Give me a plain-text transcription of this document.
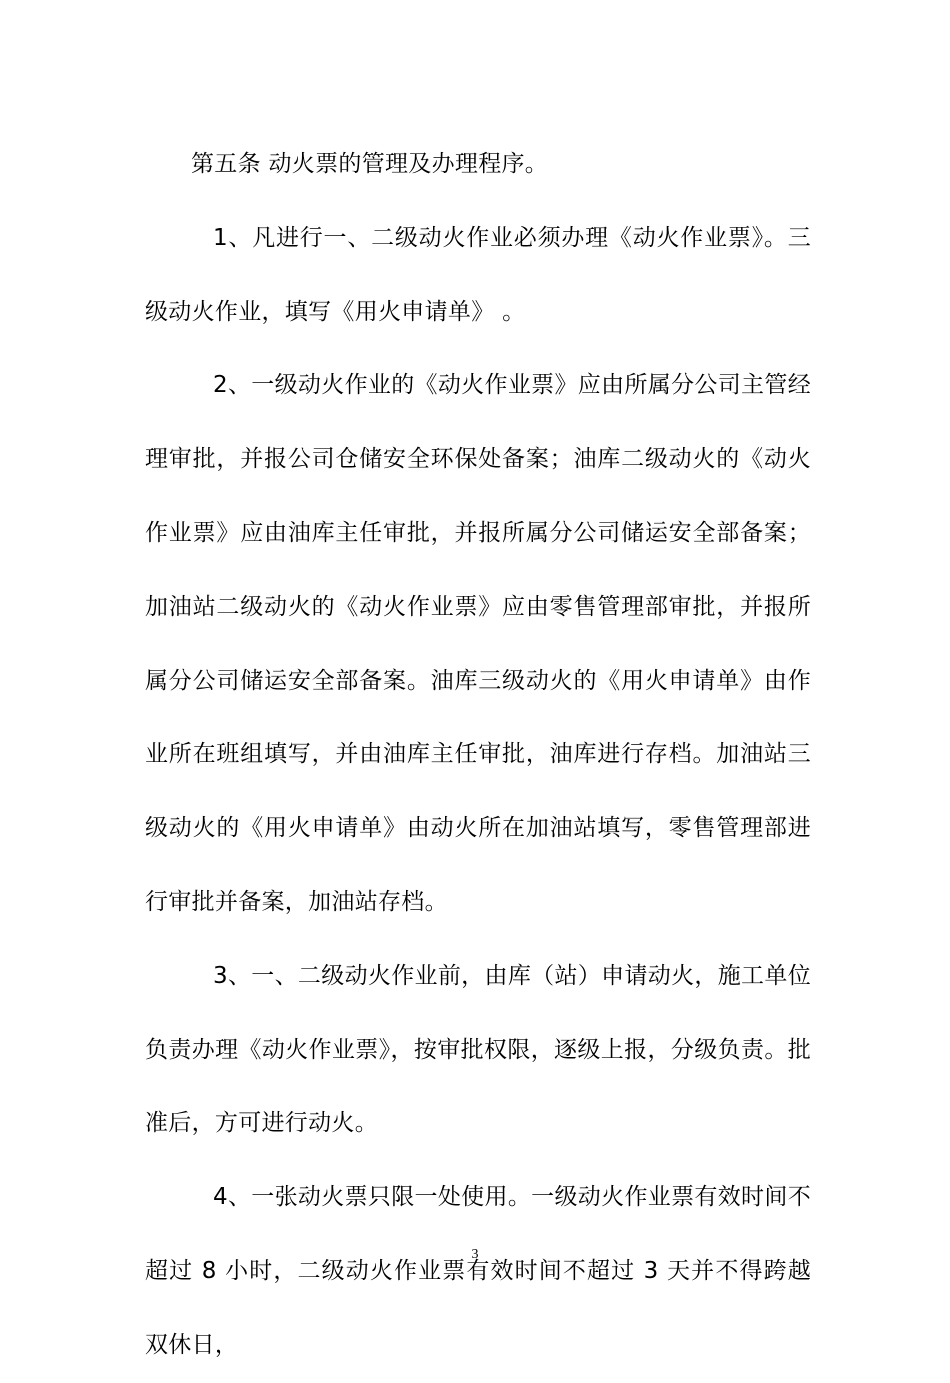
第五条 动火票的管理及办理程序。

1、凡进行一、二级动火作业必须办理《动火作业票》。三级动火作业，填写《用火申请单》 。

2、一级动火作业的《动火作业票》应由所属分公司主管经理审批，并报公司仓储安全环保处备案；油库二级动火的《动火作业票》应由油库主任审批，并报所属分公司储运安全部备案；加油站二级动火的《动火作业票》应由零售管理部审批，并报所属分公司储运安全部备案。油库三级动火的《用火申请单》由作业所在班组填写，并由油库主任审批，油库进行存档。加油站三级动火的《用火申请单》由动火所在加油站填写，零售管理部进行审批并备案，加油站存档。

3、一、二级动火作业前，由库（站）申请动火，施工单位负责办理《动火作业票》，按审批权限，逐级上报，分级负责。批准后，方可进行动火。

4、一张动火票只限一处使用。一级动火作业票有效时间不超过 8 小时，二级动火作业票有效时间不超过 3 天并不得跨越双休日，

3
